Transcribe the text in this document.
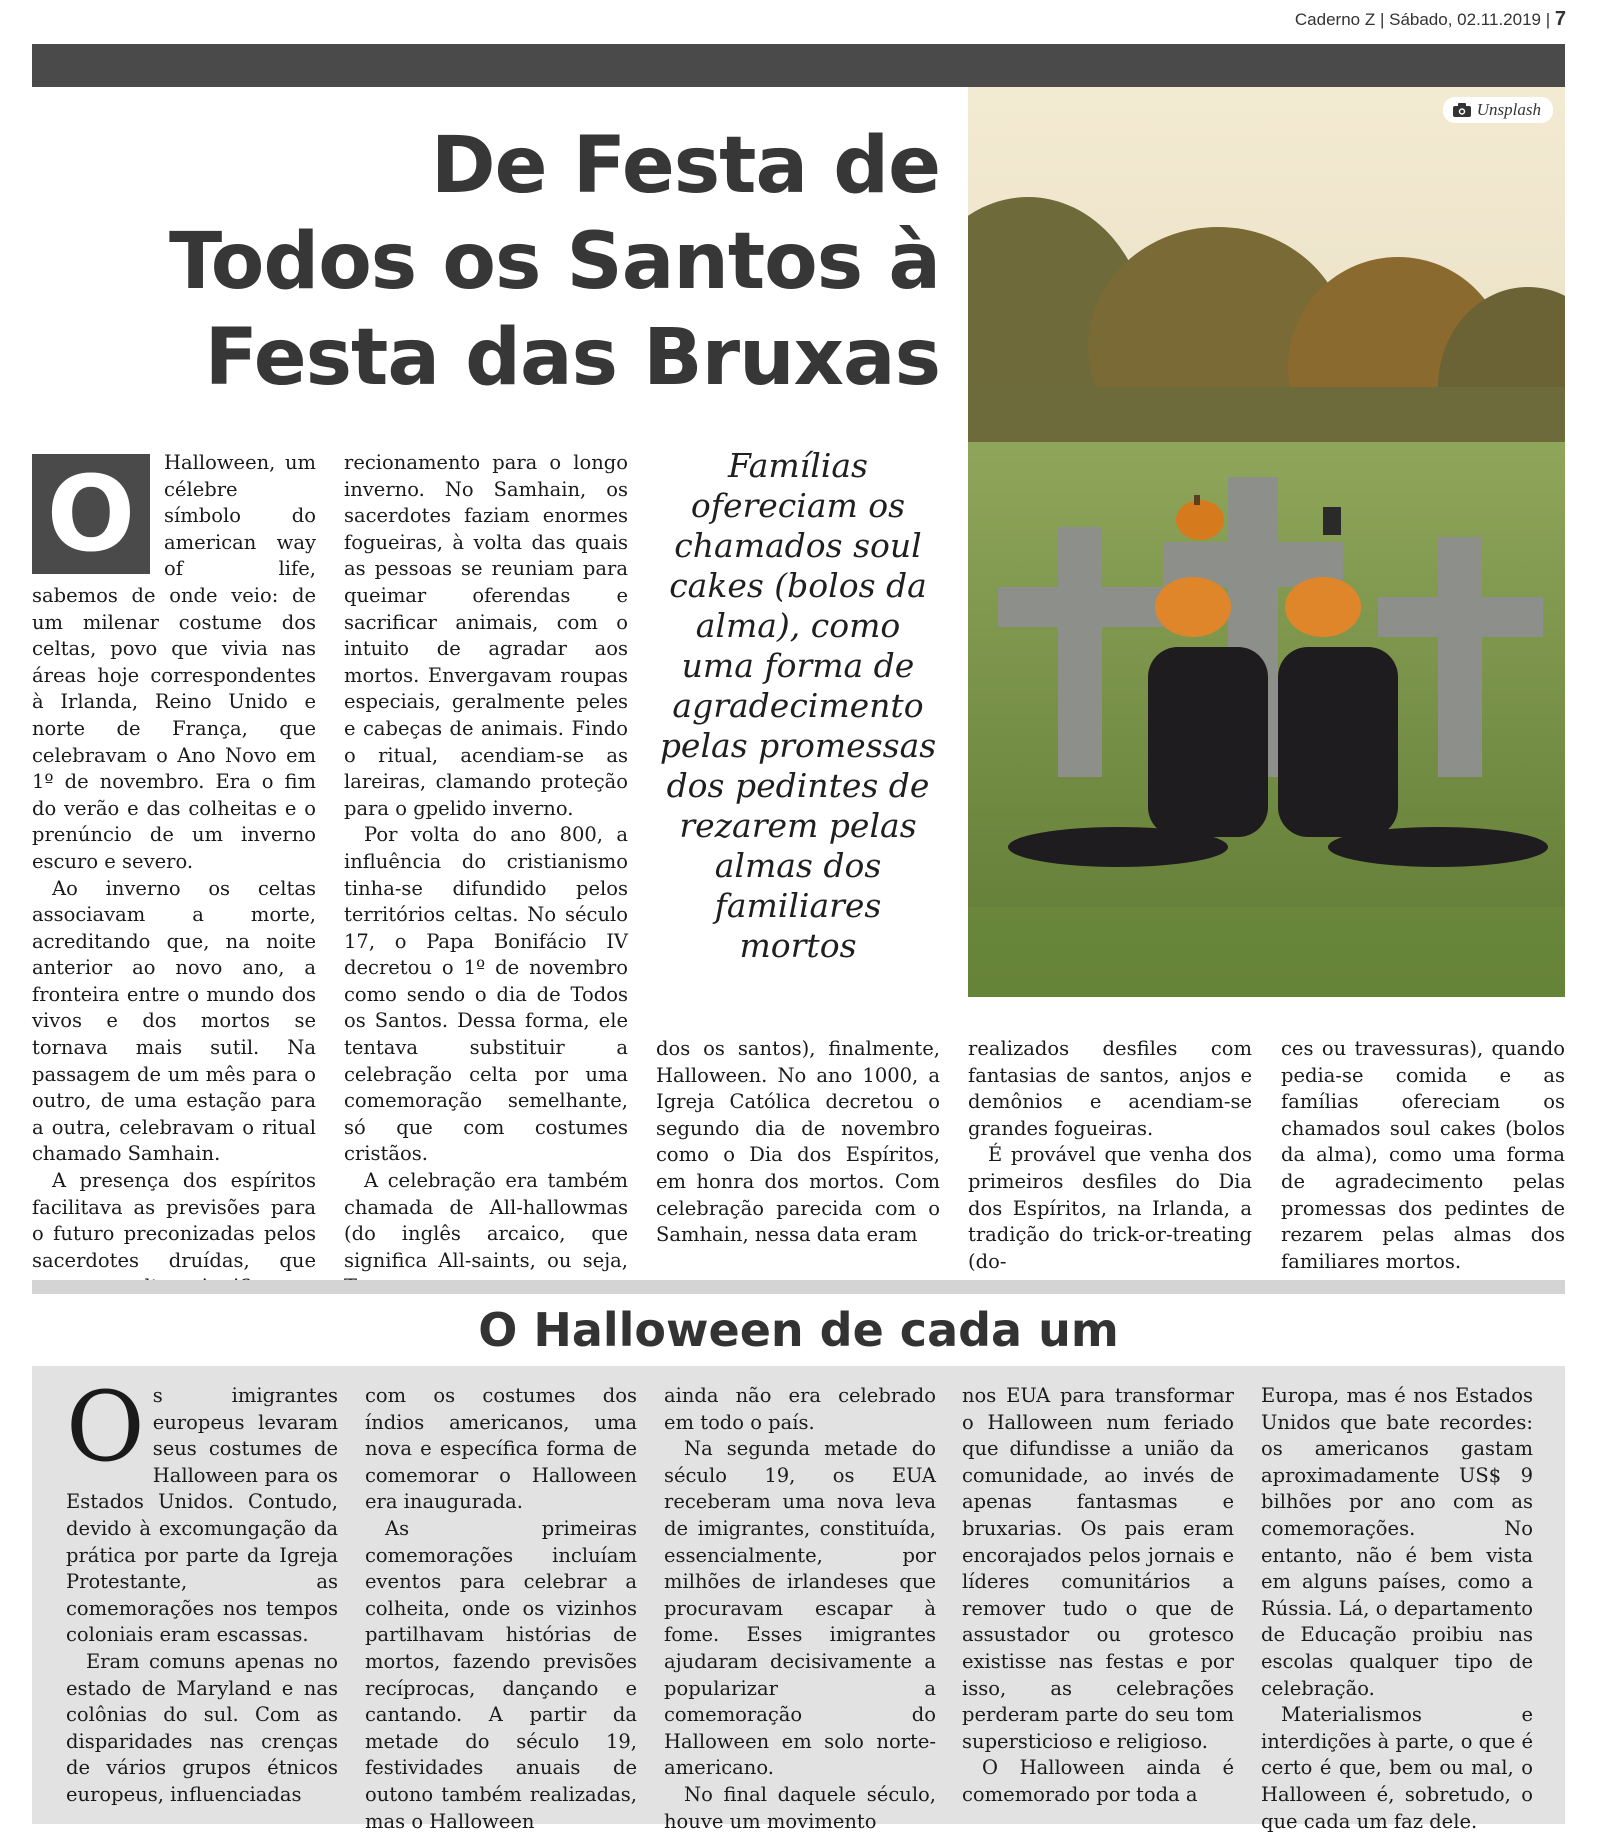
Caderno Z | Sábado, 02.11.2019 | 7
De Festa de
Todos os Santos à
Festa das Bruxas
Unsplash
O	Halloween, um célebre símbolo do american way of life, sabemos de onde veio: de um milenar costume dos celtas, povo que vivia nas áreas hoje correspondentes à Irlanda, Reino Unido e norte de França, que celebravam o Ano Novo em 1º de novembro. Era o fim do verão e das colheitas e o prenúncio de um inverno escuro e severo.

Ao inverno os celtas associavam a morte, acreditando que, na noite anterior ao novo ano, a fronteira entre o mundo dos vivos e dos mortos se tornava mais sutil. Na passagem de um mês para o outro, de uma estação para a outra, celebravam o ritual chamado Samhain.

A presença dos espíritos facilitava as previsões para o futuro preconizadas pelos sacerdotes druídas, que

recionamento para o longo inverno. No Samhain, os sacerdotes faziam enormes fogueiras, à volta das quais as pessoas se reuniam para queimar oferendas e sacrificar animais, com o intuito de agradar aos mortos. Envergavam roupas especiais, geralmente peles e cabeças de animais. Findo o ritual, acendiam-se as lareiras, clamando proteção para o gpelido inverno.

Por volta do ano 800, a influência do cristianismo tinha-se difundido pelos territórios celtas. No século 17, o Papa Bonifácio IV decretou o 1º de novembro como sendo o dia de Todos os Santos. Dessa forma, ele tentava substituir a celebração celta por uma comemoração semelhante, só que com costumes cristãos.

A celebração era também chamada de All-hallowmas (do inglês arcaico, que significa All-saints, ou seja,

Famílias ofereciam os chamados soul cakes (bolos da alma), como uma forma de agradecimento pelas promessas dos pedintes de rezarem pelas almas dos familiares mortos

dos os santos), finalmente, Halloween. No ano 1000, a Igreja Católica decretou o segundo dia de novembro como o Dia dos Espíritos, em honra dos mortos. Com celebração parecida com o Samhain, nessa data eram

realizados desfiles com fantasias de santos, anjos e demônios e acendiam-se grandes fogueiras.

É provável que venha dos primeiros desfiles do Dia dos Espíritos, na Irlanda, a tradição do trick-or-treating (do-

ces ou travessuras), quando pedia-se comida e as famílias ofereciam os chamados soul cakes (bolos da alma), como uma forma de agradecimento pelas promessas dos pedintes de rezarem pelas almas dos familiares mortos.

O Halloween de cada um
O s imigrantes europeus levaram seus costumes de Halloween para os Estados Unidos. Contudo, devido à excomungação da prática por parte da Igreja Protestante, as comemorações nos tempos coloniais eram escassas.

Eram comuns apenas no estado de Maryland e nas colônias do sul. Com as disparidades nas crenças de vários grupos étnicos europeus, influenciadas

com os costumes dos índios americanos, uma nova e específica forma de comemorar o Halloween era inaugurada.

As primeiras comemorações incluíam eventos para celebrar a colheita, onde os vizinhos partilhavam histórias de mortos, fazendo previsões recíprocas, dançando e cantando. A partir da metade do século 19, festividades anuais de outono também realizadas, mas o Halloween

ainda não era celebrado em todo o país.

Na segunda metade do século 19, os EUA receberam uma nova leva de imigrantes, constituída, essencialmente, por milhões de irlandeses que procuravam escapar à fome. Esses imigrantes ajudaram decisivamente a popularizar a comemoração do Halloween em solo norte-americano.

No final daquele século, houve um movimento

nos EUA para transformar o Halloween num feriado que difundisse a união da comunidade, ao invés de apenas fantasmas e bruxarias. Os pais eram encorajados pelos jornais e líderes comunitários a remover tudo o que de assustador ou grotesco existisse nas festas e por isso, as celebrações perderam parte do seu tom supersticioso e religioso.

O Halloween ainda é comemorado por toda a

Europa, mas é nos Estados Unidos que bate recordes: os americanos gastam aproximadamente US$ 9 bilhões por ano com as comemorações. No entanto, não é bem vista em alguns países, como a Rússia. Lá, o departamento de Educação proibiu nas escolas qualquer tipo de celebração.

Materialismos e interdições à parte, o que é certo é que, bem ou mal, o Halloween é, sobretudo, o que cada um faz dele.
